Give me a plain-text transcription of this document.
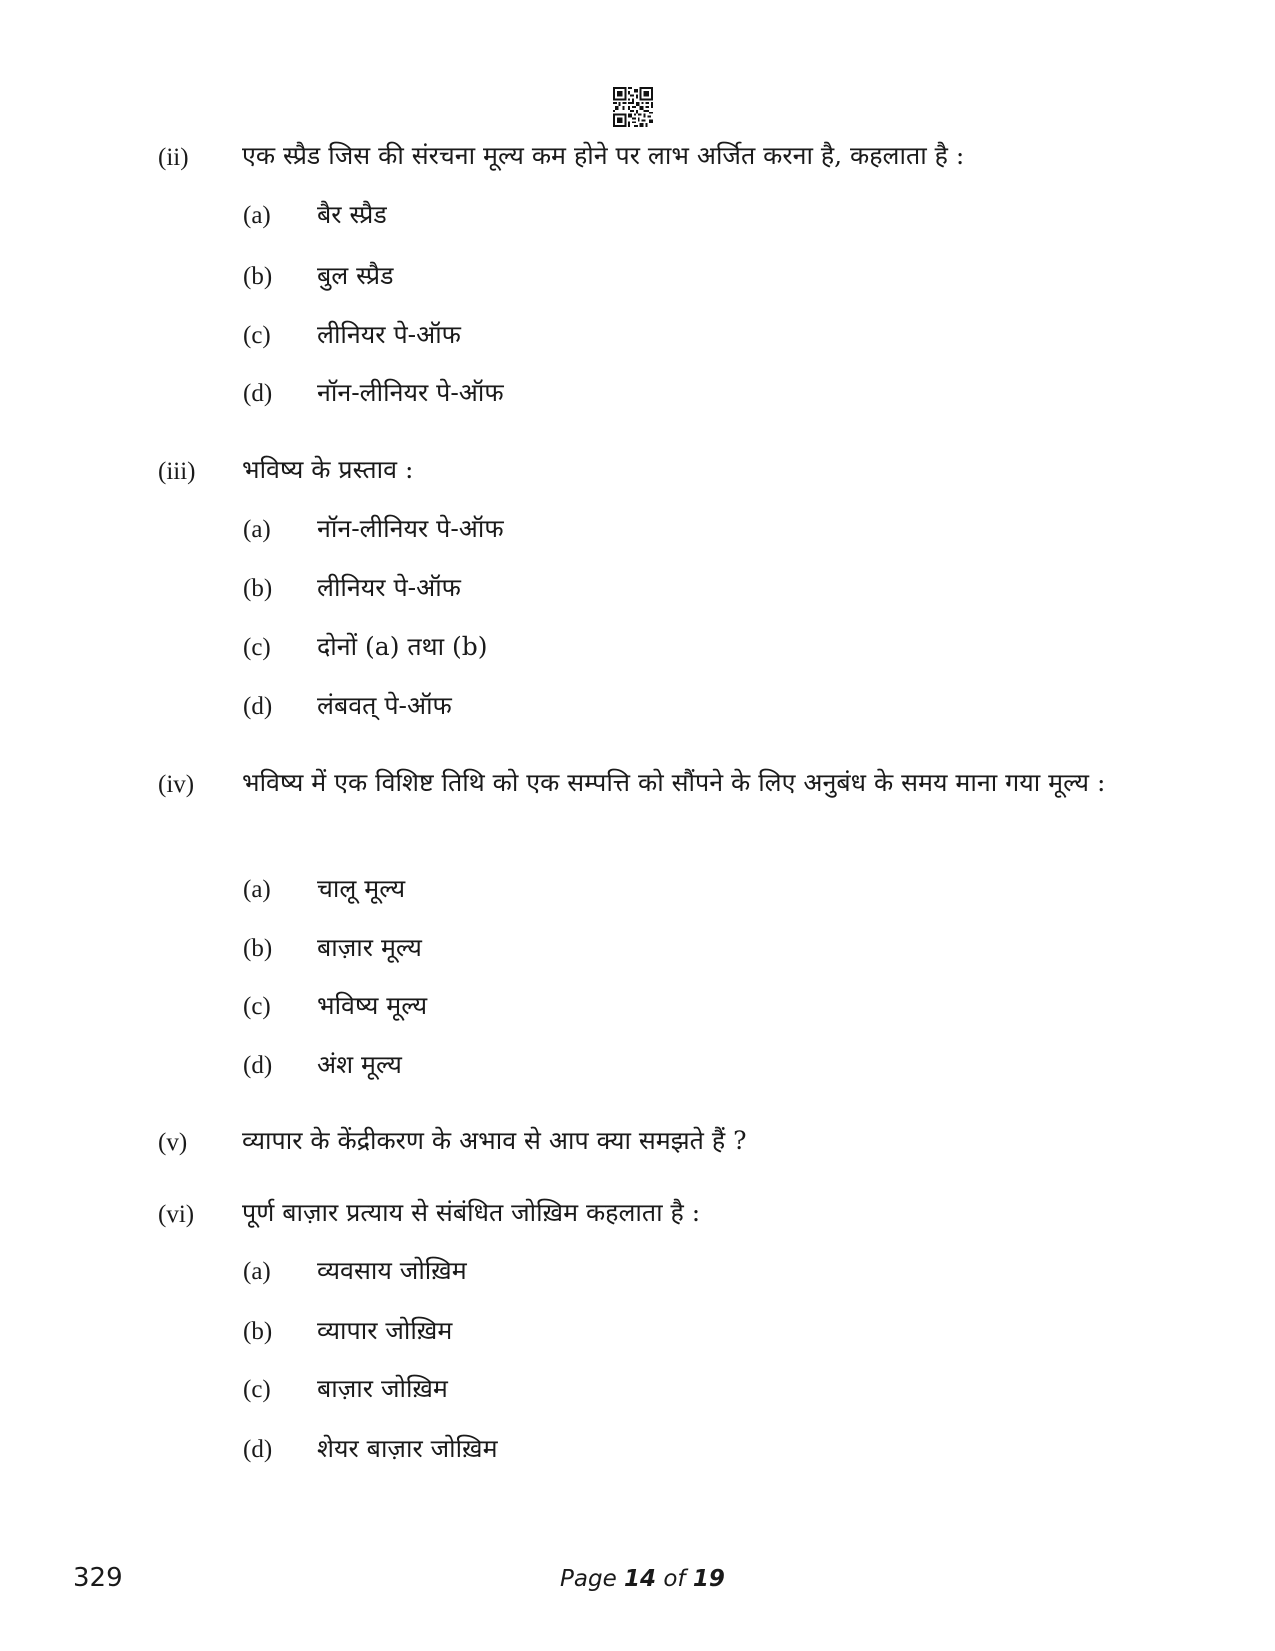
(ii) एक स्प्रैड जिस की संरचना मूल्य कम होने पर लाभ अर्जित करना है, कहलाता है :
(a) बैर स्प्रैड
(b) बुल स्प्रैड
(c) लीनियर पे-ऑफ
(d) नॉन-लीनियर पे-ऑफ
(iii) भविष्य के प्रस्ताव :
(a) नॉन-लीनियर पे-ऑफ
(b) लीनियर पे-ऑफ
(c) दोनों (a) तथा (b)
(d) लंबवत् पे-ऑफ
(iv) भविष्य में एक विशिष्ट तिथि को एक सम्पत्ति को सौंपने के लिए अनुबंध के समय माना गया मूल्य :
(a) चालू मूल्य
(b) बाज़ार मूल्य
(c) भविष्य मूल्य
(d) अंश मूल्य
(v) व्यापार के केंद्रीकरण के अभाव से आप क्या समझते हैं ?
(vi) पूर्ण बाज़ार प्रत्याय से संबंधित जोख़िम कहलाता है :
(a) व्यवसाय जोख़िम
(b) व्यापार जोख़िम
(c) बाज़ार जोख़िम
(d) शेयर बाज़ार जोख़िम
329	Page 14 of 19
